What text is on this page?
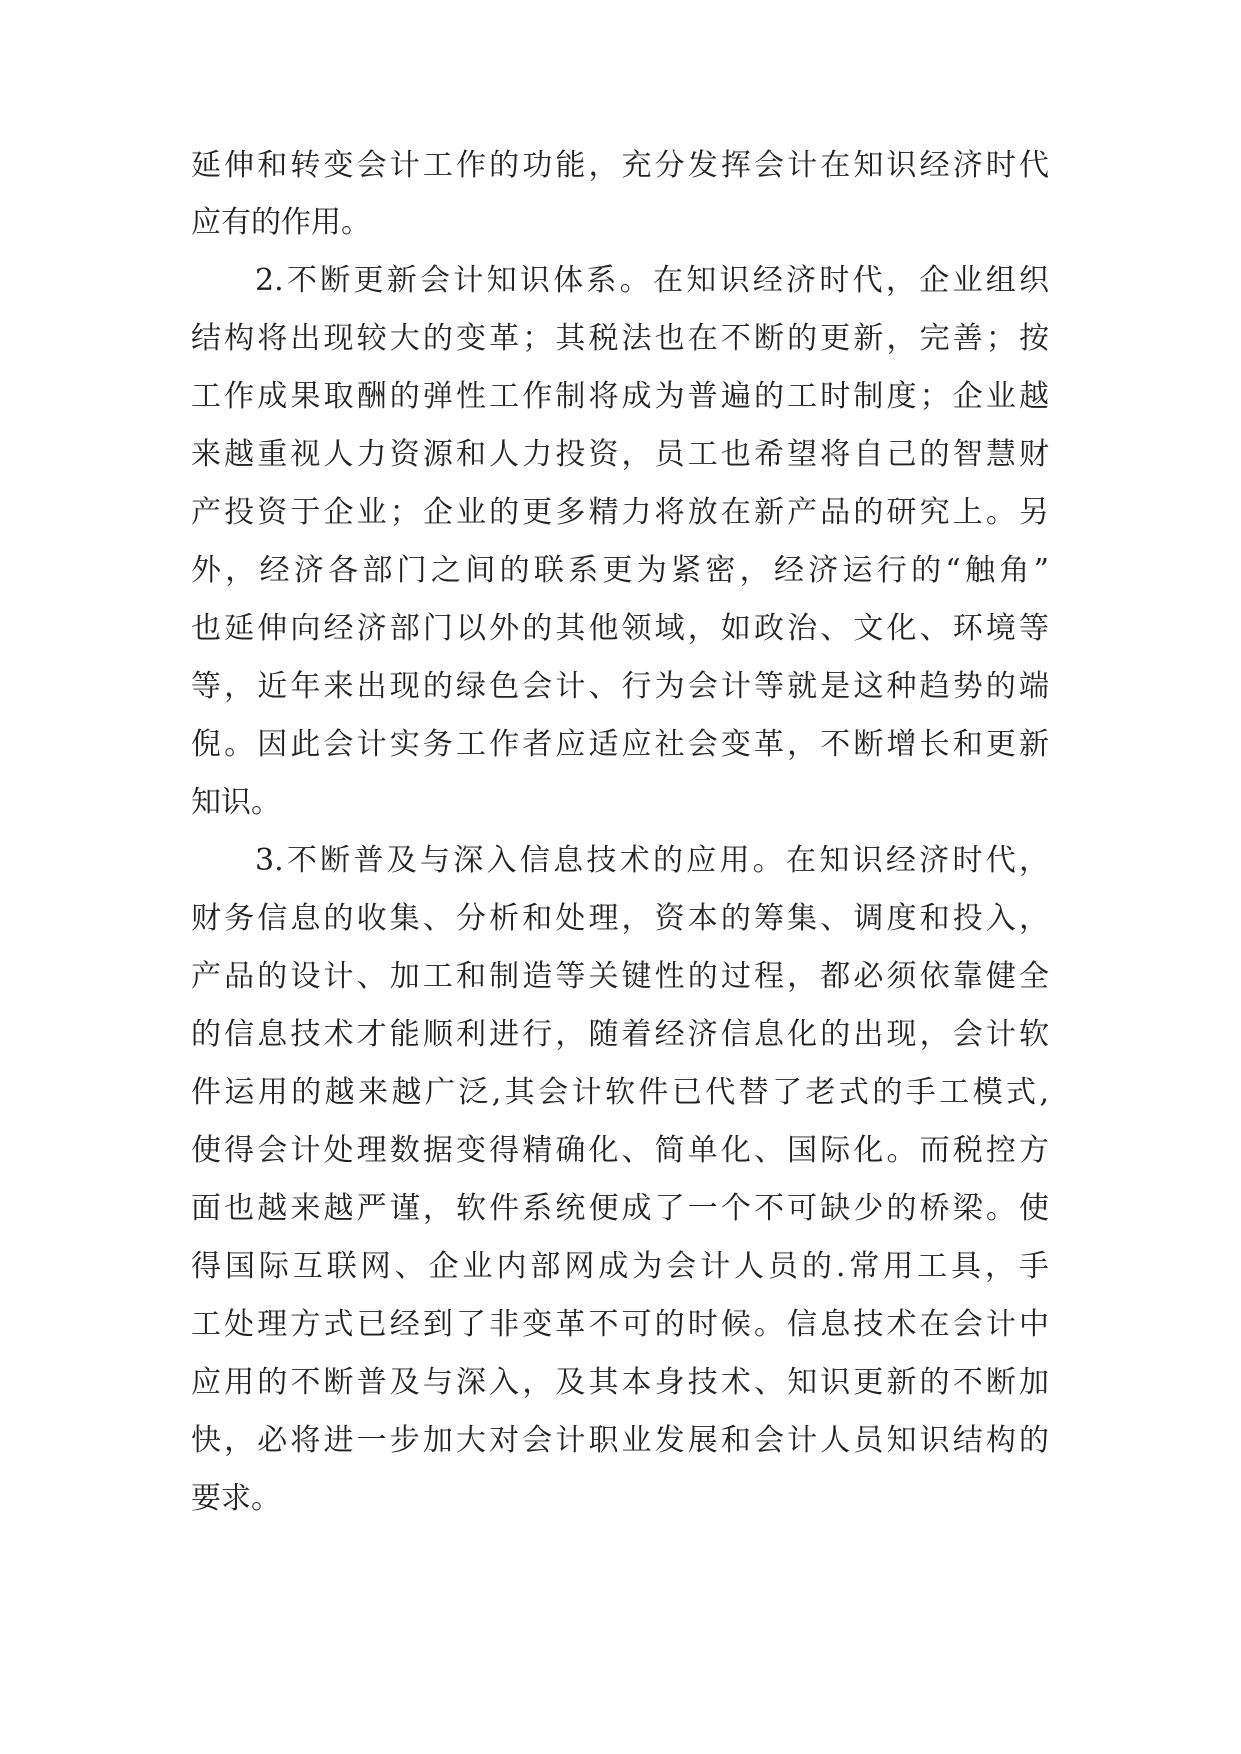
延伸和转变会计工作的功能，充分发挥会计在知识经济时代

应有的作用。

2.不断更新会计知识体系。在知识经济时代，企业组织

结构将出现较大的变革；其税法也在不断的更新，完善；按

工作成果取酬的弹性工作制将成为普遍的工时制度；企业越

来越重视人力资源和人力投资，员工也希望将自己的智慧财

产投资于企业；企业的更多精力将放在新产品的研究上。另

外，经济各部门之间的联系更为紧密，经济运行的“触角”

也延伸向经济部门以外的其他领域，如政治、文化、环境等

等，近年来出现的绿色会计、行为会计等就是这种趋势的端

倪。因此会计实务工作者应适应社会变革，不断增长和更新

知识。

3.不断普及与深入信息技术的应用。在知识经济时代，

财务信息的收集、分析和处理，资本的筹集、调度和投入，

产品的设计、加工和制造等关键性的过程，都必须依靠健全

的信息技术才能顺利进行，随着经济信息化的出现，会计软

件运用的越来越广泛,其会计软件已代替了老式的手工模式,

使得会计处理数据变得精确化、简单化、国际化。而税控方

面也越来越严谨，软件系统便成了一个不可缺少的桥梁。使

得国际互联网、企业内部网成为会计人员的.常用工具，手

工处理方式已经到了非变革不可的时候。信息技术在会计中

应用的不断普及与深入，及其本身技术、知识更新的不断加

快，必将进一步加大对会计职业发展和会计人员知识结构的

要求。
